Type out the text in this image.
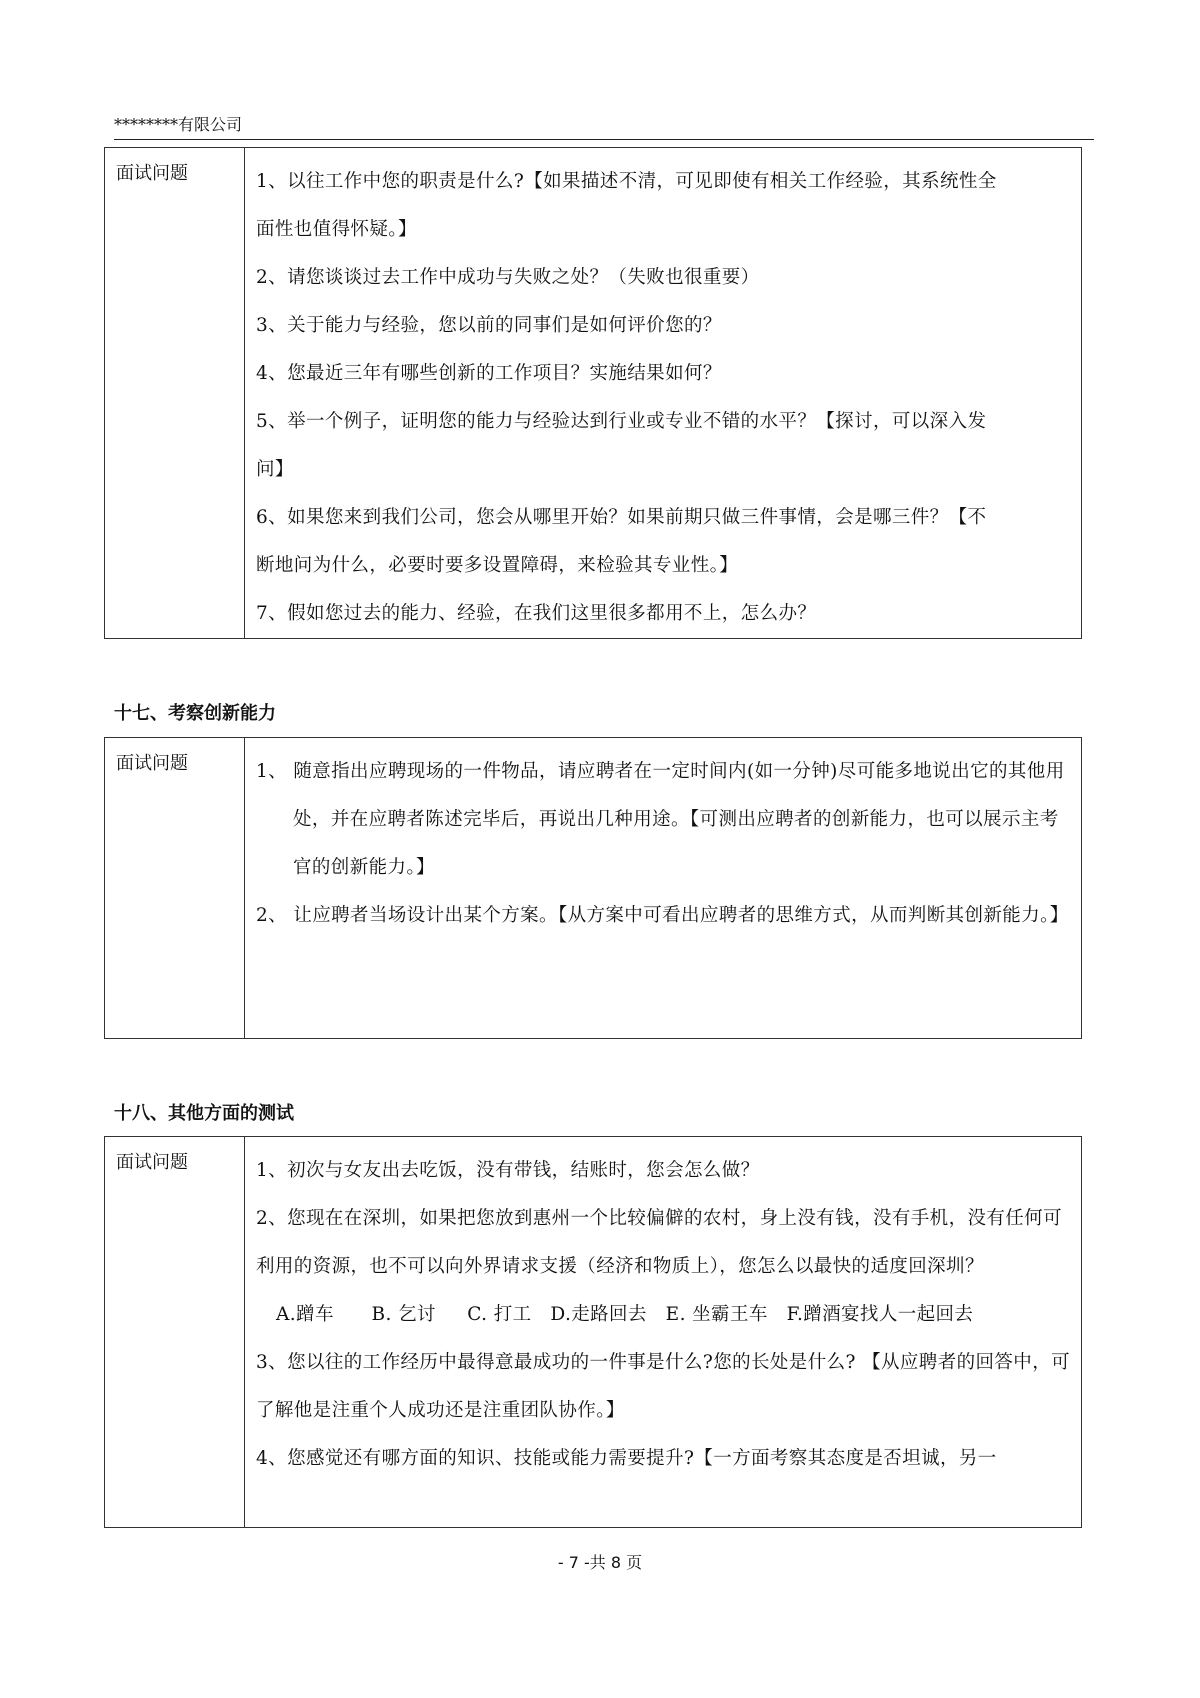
********有限公司
面试问题	1、以往工作中您的职责是什么?【如果描述不清，可见即使有相关工作经验，其系统性全
面性也值得怀疑。】
2、请您谈谈过去工作中成功与失败之处？（失败也很重要）
3、关于能力与经验，您以前的同事们是如何评价您的？
4、您最近三年有哪些创新的工作项目？实施结果如何？
5、举一个例子，证明您的能力与经验达到行业或专业不错的水平？【探讨，可以深入发
问】
6、如果您来到我们公司，您会从哪里开始？如果前期只做三件事情，会是哪三件？【不
断地问为什么，必要时要多设置障碍，来检验其专业性。】
7、假如您过去的能力、经验，在我们这里很多都用不上，怎么办？
十七、考察创新能力
面试问题	1、 随意指出应聘现场的一件物品，请应聘者在一定时间内(如一分钟)尽可能多地说出它的其他用处，并在应聘者陈述完毕后，再说出几种用途。【可测出应聘者的创新能力，也可以展示主考官的创新能力。】
2、 让应聘者当场设计出某个方案。【从方案中可看出应聘者的思维方式，从而判断其创新能力。】
十八、其他方面的测试
面试问题	1、初次与女友出去吃饭，没有带钱，结账时，您会怎么做？
2、您现在在深圳，如果把您放到惠州一个比较偏僻的农村，身上没有钱，没有手机，没有任何可利用的资源，也不可以向外界请求支援（经济和物质上），您怎么以最快的适度回深圳？
A.蹭车      B. 乞讨     C. 打工   D.走路回去   E. 坐霸王车   F.蹭酒宴找人一起回去
3、您以往的工作经历中最得意最成功的一件事是什么?您的长处是什么? 【从应聘者的回答中，可了解他是注重个人成功还是注重团队协作。】
4、您感觉还有哪方面的知识、技能或能力需要提升?【一方面考察其态度是否坦诚，另一
- 7 -共 8 页
